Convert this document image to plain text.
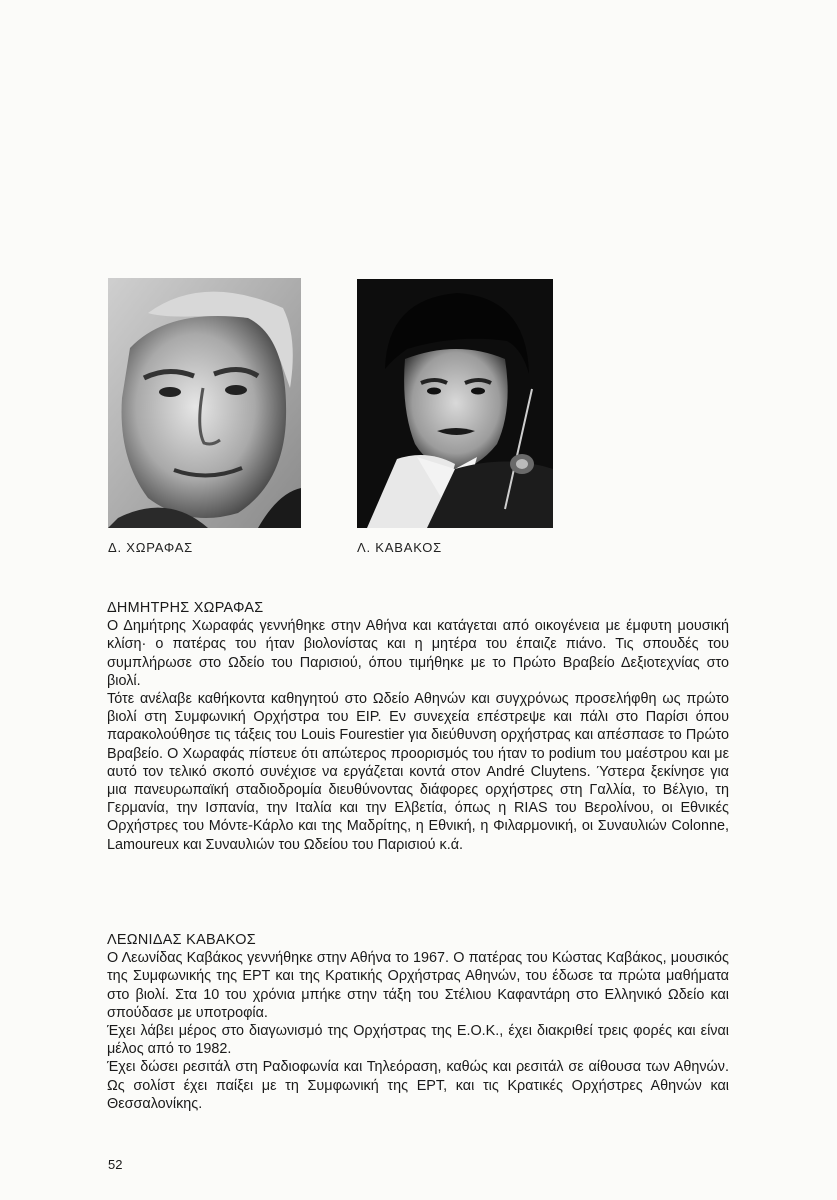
Δ. ΧΩΡΑΦΑΣ	Λ. ΚΑΒΑΚΟΣ

ΔΗΜΗΤΡΗΣ ΧΩΡΑΦΑΣ

Ο Δημήτρης Χωραφάς γεννήθηκε στην Αθήνα και κατάγεται από οικογένεια με έμφυτη μουσική κλίση· ο πατέρας του ήταν βιολονίστας και η μητέρα του έπαιζε πιάνο. Τις σπουδές του συμπλήρωσε στο Ωδείο του Παρισιού, όπου τιμήθηκε με το Πρώτο Βραβείο Δεξιοτεχνίας στο βιολί.

Τότε ανέλαβε καθήκοντα καθηγητού στο Ωδείο Αθηνών και συγχρόνως προσελήφθη ως πρώτο βιολί στη Συμφωνική Ορχήστρα του ΕΙΡ. Εν συνεχεία επέστρεψε και πάλι στο Παρίσι όπου παρακολούθησε τις τάξεις του Louis Fourestier για διεύθυνση ορχήστρας και απέσπασε το Πρώτο Βραβείο. Ο Χωραφάς πίστευε ότι απώτερος προορισμός του ήταν το podium του μαέστρου και με αυτό τον τελικό σκοπό συνέχισε να εργάζεται κοντά στον André Cluytens. Ύστερα ξεκίνησε για μια πανευρωπαϊκή σταδιοδρομία διευθύνοντας διάφορες ορχήστρες στη Γαλλία, το Βέλγιο, τη Γερμανία, την Ισπανία, την Ιταλία και την Ελβετία, όπως η RIAS του Βερολίνου, οι Εθνικές Ορχήστρες του Μόντε-Κάρλο και της Μαδρίτης, η Εθνική, η Φιλαρμονική, οι Συναυλιών Colonne, Lamoureux και Συναυλιών του Ωδείου του Παρισιού κ.ά.

ΛΕΩΝΙΔΑΣ ΚΑΒΑΚΟΣ

Ο Λεωνίδας Καβάκος γεννήθηκε στην Αθήνα το 1967. Ο πατέρας του Κώστας Καβάκος, μουσικός της Συμφωνικής της ΕΡΤ και της Κρατικής Ορχήστρας Αθηνών, του έδωσε τα πρώτα μαθήματα στο βιολί. Στα 10 του χρόνια μπήκε στην τάξη του Στέλιου Καφαντάρη στο Ελληνικό Ωδείο και σπούδασε με υποτροφία.

Έχει λάβει μέρος στο διαγωνισμό της Ορχήστρας της Ε.Ο.Κ., έχει διακριθεί τρεις φορές και είναι μέλος από το 1982.

Έχει δώσει ρεσιτάλ στη Ραδιοφωνία και Τηλεόραση, καθώς και ρεσιτάλ σε αίθουσα των Αθηνών. Ως σολίστ έχει παίξει με τη Συμφωνική της ΕΡΤ, και τις Κρατικές Ορχήστρες Αθηνών και Θεσσαλονίκης.

52
